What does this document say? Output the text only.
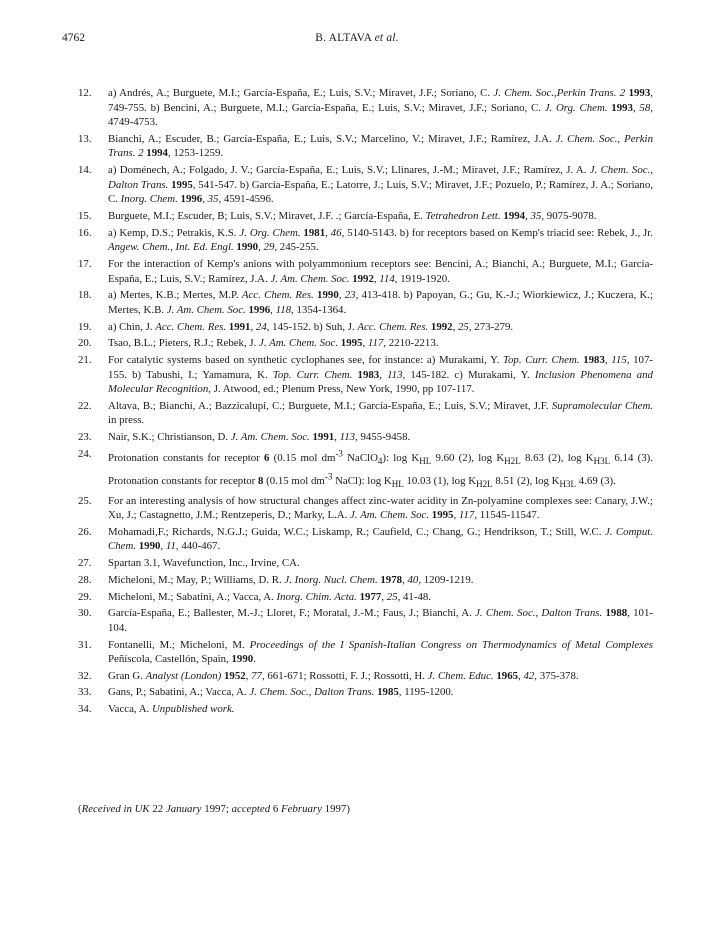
4762	B. ALTAVA et al.
12.	a) Andrés, A.; Burguete, M.I.; García-España, E.; Luis, S.V.; Miravet, J.F.; Soriano, C. J. Chem. Soc.,Perkin Trans. 2 1993, 749-755. b) Bencini, A.; Burguete, M.I.; García-España, E.; Luis, S.V.; Miravet, J.F.; Soriano, C. J. Org. Chem. 1993, 58, 4749-4753.
13.	Bianchi, A.; Escuder, B.; García-España, E.; Luis, S.V.; Marcelino, V.; Miravet, J.F.; Ramírez, J.A. J. Chem. Soc., Perkin Trans. 2 1994, 1253-1259.
14.	a) Doménech, A.; Folgado, J. V.; García-España, E.; Luis, S.V.; Llinares, J.-M.; Miravet, J.F.; Ramírez, J. A. J. Chem. Soc., Dalton Trans. 1995, 541-547. b) García-España, E.; Latorre, J.; Luis, S.V.; Miravet, J.F.; Pozuelo, P.; Ramírez, J. A.; Soriano, C. Inorg. Chem. 1996, 35, 4591-4596.
15.	Burguete, M.I.; Escuder, B; Luis, S.V.; Miravet, J.F. .; García-España, E. Tetrahedron Lett. 1994, 35, 9075-9078.
16.	a) Kemp, D.S.; Petrakis, K.S. J. Org. Chem. 1981, 46, 5140-5143. b) for receptors based on Kemp's triacid see: Rebek, J., Jr. Angew. Chem., Int. Ed. Engl. 1990, 29, 245-255.
17.	For the interaction of Kemp's anions with polyammonium receptors see: Bencini, A.; Bianchi, A.; Burguete, M.I.; García-España, E.; Luis, S.V.; Ramírez, J.A. J. Am. Chem. Soc. 1992, 114, 1919-1920.
18.	a) Mertes, K.B.; Mertes, M.P. Acc. Chem. Res. 1990, 23, 413-418. b) Papoyan, G.; Gu, K.-J.; Wiorkiewicz, J.; Kuczera, K.; Mertes, K.B. J. Am. Chem. Soc. 1996, 118, 1354-1364.
19.	a) Chin, J. Acc. Chem. Res. 1991, 24, 145-152. b) Suh, J. Acc. Chem. Res. 1992, 25, 273-279.
20.	Tsao, B.L.; Pieters, R.J.; Rebek, J. J. Am. Chem. Soc. 1995, 117, 2210-2213.
21.	For catalytic systems based on synthetic cyclophanes see, for instance: a) Murakami, Y. Top. Curr. Chem. 1983, 115, 107-155. b) Tabushi, I.; Yamamura, K. Top. Curr. Chem. 1983, 113, 145-182. c) Murakami, Y. Inclusion Phenomena and Molecular Recognition, J. Atwood, ed.; Plenum Press, New York, 1990, pp 107-117.
22.	Altava, B.; Bianchi, A.; Bazzicalupi, C.; Burguete, M.I.; García-España, E.; Luis, S.V.; Miravet, J.F. Supramolecular Chem. in press.
23.	Nair, S.K.; Christianson, D. J. Am. Chem. Soc. 1991, 113, 9455-9458.
24.	Protonation constants for receptor 6 (0.15 mol $dm^{-3}$ NaClO$_4$): $\log K_{HL}$ 9.60 (2), $\log K_{H2L}$ 8.63 (2), $\log K_{H3L}$ 6.14 (3). Protonation constants for receptor 8 (0.15 mol $dm^{-3}$ NaCl): $\log K_{HL}$ 10.03 (1), $\log K_{H2L}$ 8.51 (2), $\log K_{H3L}$ 4.69 (3).
25.	For an interesting analysis of how structural changes affect zinc-water acidity in Zn-polyamine complexes see: Canary, J.W.; Xu, J.; Castagnetto, J.M.; Rentzeperis, D.; Marky, L.A. J. Am. Chem. Soc. 1995, 117, 11545-11547.
26.	Mohamadi,F.; Richards, N.G.J.; Guida, W.C.; Liskamp, R.; Caufield, C.; Chang, G.; Hendrikson, T.; Still, W.C. J. Comput. Chem. 1990, 11, 440-467.
27.	Spartan 3.1, Wavefunction, Inc., Irvine, CA.
28.	Micheloni, M.; May, P.; Williams, D. R. J. Inorg. Nucl. Chem. 1978, 40, 1209-1219.
29.	Micheloni, M.; Sabatini, A.; Vacca, A. Inorg. Chim. Acta. 1977, 25, 41-48.
30.	García-España, E.; Ballester, M.-J.; Lloret, F.; Moratal, J.-M.; Faus, J.; Bianchi, A. J. Chem. Soc., Dalton Trans. 1988, 101-104.
31.	Fontanelli, M.; Micheloni, M. Proceedings of the I Spanish-Italian Congress on Thermodynamics of Metal Complexes Peñíscola, Castellón, Spain, 1990.
32.	Gran G. Analyst (London) 1952, 77, 661-671; Rossotti, F. J.; Rossotti, H. J. Chem. Educ. 1965, 42, 375-378.
33.	Gans, P.; Sabatini, A.; Vacca, A. J. Chem. Soc., Dalton Trans. 1985, 1195-1200.
34.	Vacca, A. Unpublished work.
(Received in UK 22 January 1997; accepted 6 February 1997)
